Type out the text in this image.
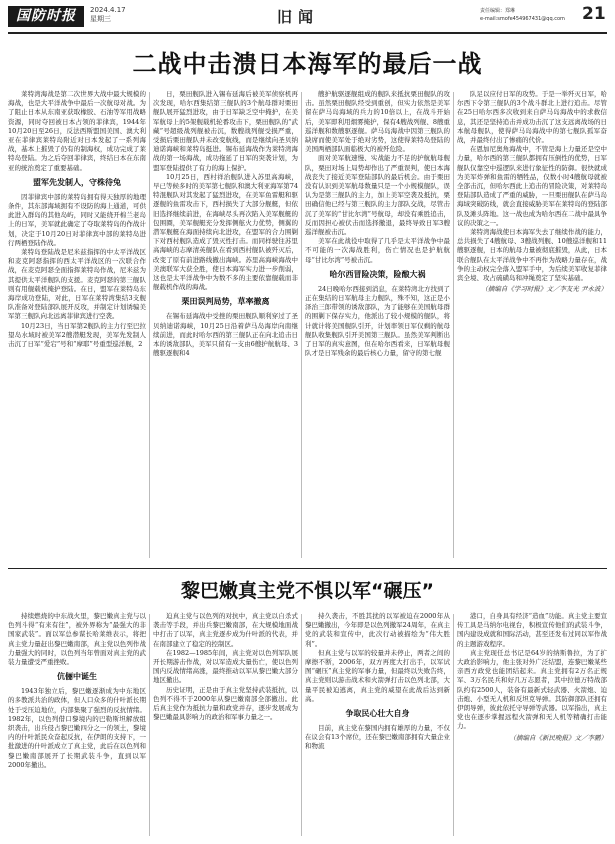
国防时报	2024.4.17
星期三	旧闻	责任编辑：郑琳
e-mail:smofe454967431@qq.com	21
二战中击溃日本海军的最后一战

莱特湾海战是第二次世界大战中最大规模的海战，也是大平洋战争中最后一次航母对战。为了阻止日本从东南亚获取橡胶、石油等军用战略资源，同时夺回被日本占领的菲律宾，1944年10月20日至26日，反法西斯盟国美国、澳大利亚在菲律宾莱特岛附近对日本发起了一系列海战，基本上摧毁了仍有的制海权，成功完成了莱特岛登陆。为之后夺回菲律宾，终结日本在东南亚的统治奠定了重要基础。

盟军先发制人，守株待兔

因菲律宾中部的莱特岛拥有得天独厚的地理条件，其东部海域拥有不设防的海上通道，可供此进入群岛的其他岛屿，同时又能绕开棉兰老岛上的日军，美军就此确定了夺取莱特岛的作战计划，决定于10月20日对菲律宾中部的莱特岛进行两栖登陆作战。

莱特岛登陆战是尼米兹指挥的中太平洋战区和麦克阿瑟指挥的西太平洋战区的一次联合作战，在麦克阿瑟全面指挥莱特岛作战，尼米兹为其提供太平洋舰队的支援。麦克阿瑟的第三舰队则有用舰载机掩护登陆。在日，盟军在莱特岛东海岸成功登陆，对此，日军在莱特湾集结3支舰队准备对登陆部队展开反攻，并制定计划诱骗美军第三舰队向北远离菲律宾进行空袭。

10月23日，当日军第2舰队的主力行至巴拉望岛水域时被美军2艘潜艇发现，美军先发制人击沉了日军“爱宕”号和“摩耶”号重型巡洋舰，2

日，栗田舰队进入锡布延海后被美军侦察机再次发现，哈尔西集结第三舰队的3个航母群对栗田舰队展开猛烈进攻，由于日军缺乏空中掩护，在美军航母上的5架舰载机轮番攻击下，栗田舰队的“武藏”号超级战列舰被击沉，数艘战列舰受损严重，受损后栗田舰队并未改变航线，而是继续向圣贝纳迪诺海峡和莱特岛挺进。锡布延海战作为莱特湾海战的第一场海战，成功拖延了日军的突袭计划，为盟军登陆提供了有力的海上保护。

10月25日，西村祥治舰队进入苏里高海峡，早已等候多时的美军第七舰队和澳大利亚海军第74特混舰队对其发起了猛烈进攻，在美军鱼雷艇和驱逐舰的鱼雷攻击下，西村损失了大部分舰艇，但依旧选择继续前进，在海峡尽头再次陷入美军舰艇的包围圈，美军舰艇充分发挥侧舷火力优势，侧翼的潜军舰艇在海面持续向北进攻，在盟军的合力围剿下对西村舰队造成了毁灭性打击。而同样驶往苏里高海峡的志摩清英舰队在看到西村舰队被歼灭后，改变了原有前进路线撤出海峡。苏里高海峡海战中美澳联军大获全胜，使日本海军实力进一步削弱，这也是太平洋战争中为数不多的主要依靠舰载而非舰载机作战的海战。

栗田误判局势，草率撤离

在锡布延海战中受挫的栗田舰队顺利穿过了圣贝纳迪诺海峡，10月25日沿着萨马岛海岸向南继续前进，而此时哈尔西的第三舰队正在向北追击日本的诱敌部队，美军只留有一支由6艘护航航母、3艘驱逐舰和4

艘护航驱逐舰组成的舰队来抵抗栗田舰队的攻击。虽然栗田舰队经受到重创，但实力依然是美军留在萨马岛海域的兵力的10倍以上，在战斗开始后，美军即利用烟雾掩护，保有4艘战列舰、8艘重巡洋舰和数艘驱逐舰。萨马岛海战中因第三舰队的缺席而使美军处于绝对劣势，这使得莱特岛登陆的美国两栖部队面临极大的被歼危险。

面对美军航速慢、实战能力不足的护航航母舰队，栗田对场上局势却作出了严重误判，使日本海战丧失了接近美军登陆部队的最后机会。由于栗田没有认识到美军航母数量只是一个小规模舰队，误认为是第三舰队的主力，加上美军空袭及抵抗，栗田确信他已经与第三舰队的主力部队交战，尽管击沉了美军的“甘比尔湾”号航母，却没有乘胜追击，反而因担心被伏击而选择撤退，最终导致日军3艘巡洋舰被击沉。

美军在此战役中取得了几乎是太平洋战争中最不可能的一次海战胜利，伤亡情况也是护航航母“甘比尔湾”号被击沉。

哈尔西冒险决策，险酿大祸

24日晚哈尔西接到消息，在莱特湾北方找到了正在集结的日军航母主力舰队，殊不知，这正是小泽治三郎带领的诱敌部队，为了能够在美国航母群的围剿下保存实力，他派出了较小规模的舰队，将计就计将美国舰队引开，计划率领日军仅剩的航母舰队收集舰队引开美国第三舰队。虽然美军判断出了日军的真实意图，但在哈尔西看来，日军航母舰队才是日军残余的最后核心力量，留守的第七舰

队足以应付日军的攻势。于是一举歼灭日军，哈尔西下令第三舰队的3个战斗群北上进行追击。尽管在25日哈尔西多次收到来自萨马岛海战中的求救信息，其还是坚持追击并成功击沉了这支远离战场的日本航母舰队，使得萨马岛海战中的第七舰队孤军奋战，并最终付出了惨痛的代价。

在恩加尼奥角海战中，不管是海上力量还是空中力量，哈尔西的第三舰队都拥有压倒性的优势，日军舰队仅靠空中巡逻队来进行象征性的防御。很快就成为美军炸弹和鱼雷的牺牲品，仅数小时4艘航母就被全部击沉，但哈尔西此上追击的冒险决策，对莱特岛登陆部队造成了严重的威胁，一旦栗田舰队在萨马岛海域突破防线，就会直接威胁美军在莱特岛的登陆部队及滩头阵地。这一战也成为哈尔西在二战中最具争议的决策之一。

莱特湾海战使日本海军失去了继续作战的能力，总共损失了4艘航母、3艘战列舰、10艘巡洋舰和11艘驱逐舰，日本的航母力量被彻底摧毁，从此，日本联合舰队在太平洋战争中不再作为战略力量存在，战争的主动权完全落入盟军手中，为后续美军收复菲律宾全境、攻占硫磺岛和冲绳奠定了坚实基础。

（摘编自《学习时报》文／李友光 尹永波）

黎巴嫩真主党不惧以军“碾压”

持续燃烧的中东战火里，黎巴嫩真主党与以色列斗得“有来有往”，被外界称为“最强大的非国家武装”。面以军总参谋长哈莱维表示，将把真主党力量赶出黎巴嫩南部，真主党以色列作战力量强大的同时，以色列当年曾面对真主党的武装力量遭受严重挫败。

伉俪中诞生

1943年独立后，黎巴嫩逐渐成为中东地区的多教派共治的政体，但人口众多的什叶派长期处于受压迫地位，内部集聚了强烈的反抗情绪。1982年，以色列借口黎境内的巴勒斯坦解放组织袭击，出兵侵占黎巴嫩四分之一的领土，黎境内的什叶派民众奋起反抗，在伊朗的支持下，一批激进的什叶派成立了真主党，此后在以色列和黎巴嫩南部展开了长期武装斗争，直到以军2000年撤出。

迫真主党与以色列的对抗中，真主党以自杀式袭击等手段，并出兵黎巴嫩南部，在大规模地面战中打击了以军，真主党逐步成为什叶派的代表，并在南部建立了稳定的控制区。

在1982—1985年间，真主党对以色列军队展开长期游击作战，对以军造成大量伤亡，使以色列国内反战情绪高涨，最终推动以军从黎巴嫩大部分地区撤出。

历史证明，正是由于真主党坚持武装抵抗，以色列不得不于2000年从黎巴嫩南部全部撤出。此后真主党作为抵抗力量和政党并存，逐步发展成为黎巴嫩最具影响力的政治和军事力量之一。

持久袭击，不胜其扰的以军被迫在2000年从黎巴嫩撤出，今年即是以色列撤军24周年，在真主党的武装和宣传中，此次行动被描绘为“伟大胜利”。

但真主党与以军的较量并未停止，两者之间的摩擦不断，2006年，双方再度大打出手，以军试图“碾压”真主党的军事力量，但最终以失败告终，真主党则以游击战术和火箭弹打击以色列北部，大量平民被迫逃离，真主党的威望在此战后达到新高。

争取民心壮大自身

目前，真主党在黎国内拥有雄厚的力量，不仅在议会有13个席位，还在黎巴嫩南部拥有大量企业和物流

港口，自身具有经济“造血”功能。真主党主要宣传工具是马纳尔电视台，积极宣传他们的武装斗争，国内建设成就和国际活动，甚至还发布过同以军作战的主题游戏程序。

真主党现任总书记是64岁的纳斯鲁拉，为了扩大政治影响力，他主张对外广泛结盟，连黎巴嫩某些亲西方政党也能团结起来。真主党拥有2万名正规军、3万名民兵和好几万志愿者，其中拉德万特战部队约有2500人，装备有最新式轻武器、火箭炮、迫击炮、小型无人机和反坦克导弹。其防御部队还拥有伊朗导弹，彼此依托守导弹等武器。以军指出，真主党也在逐步掌握远程火箭弹和无人机等精确打击能力。

（摘编自《新民晚报》文／李鹏）
